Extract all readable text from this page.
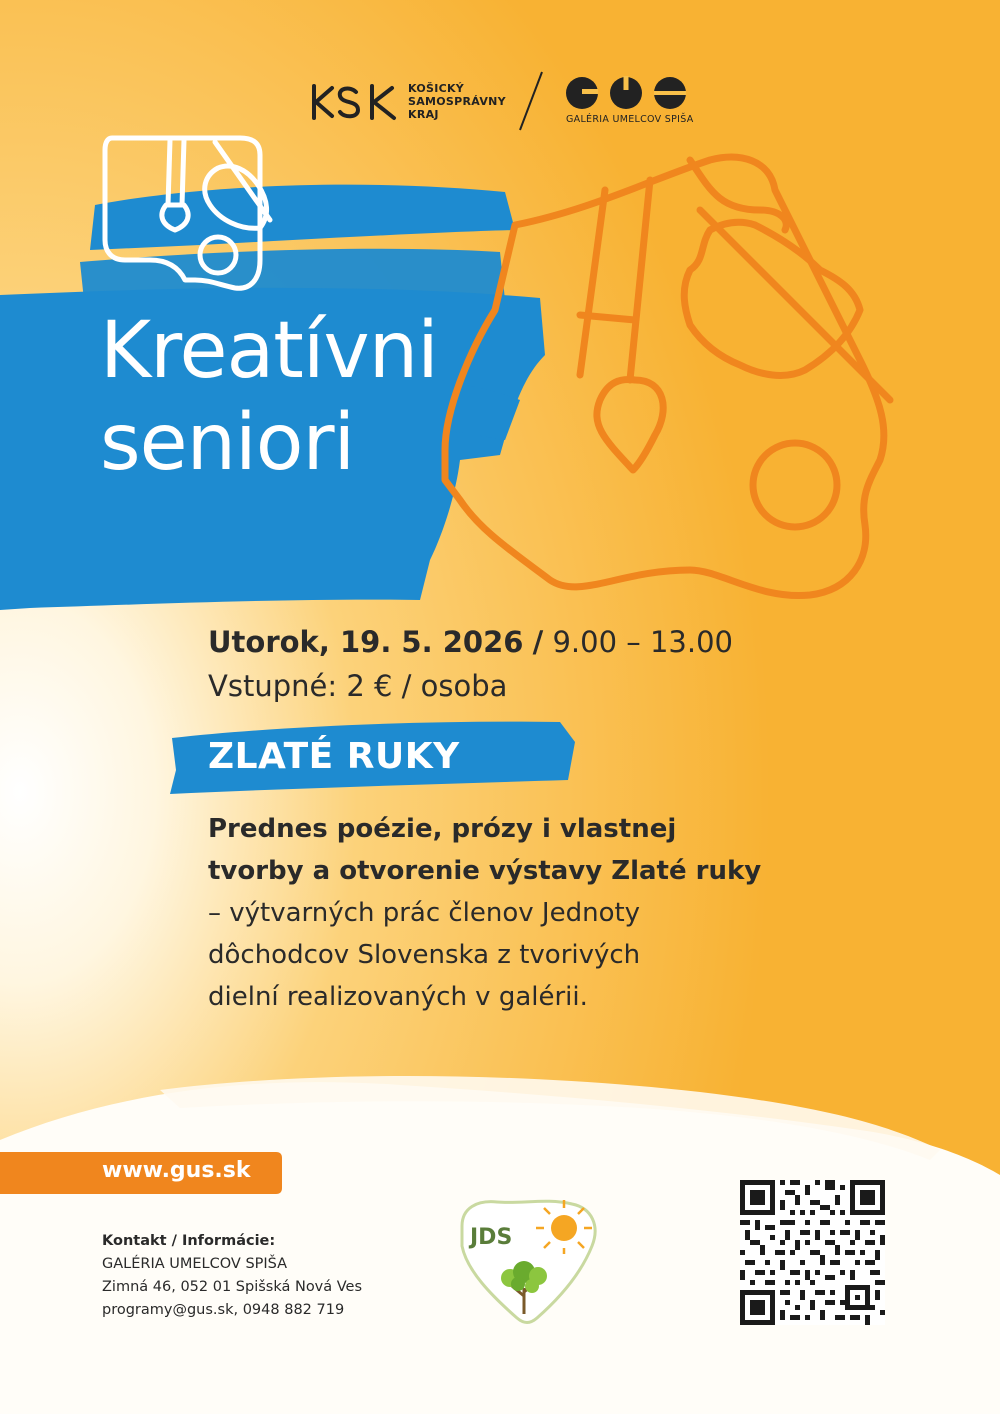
KOŠICKÝ
SAMOSPRÁVNY
KRAJ	GALÉRIA UMELCOV SPIŠA
Kreatívni
seniori
Utorok, 19. 5. 2026 / 9.00 – 13.00
Vstupné: 2 € / osoba
ZLATÉ RUKY
Prednes poézie, prózy i vlastnej
tvorby a otvorenie výstavy Zlaté ruky
– výtvarných prác členov Jednoty
dôchodcov Slovenska z tvorivých
dielní realizovaných v galérii.
www.gus.sk
Kontakt / Informácie:
GALÉRIA UMELCOV SPIŠA
Zimná 46, 052 01 Spišská Nová Ves
programy@gus.sk, 0948 882 719
JDS
